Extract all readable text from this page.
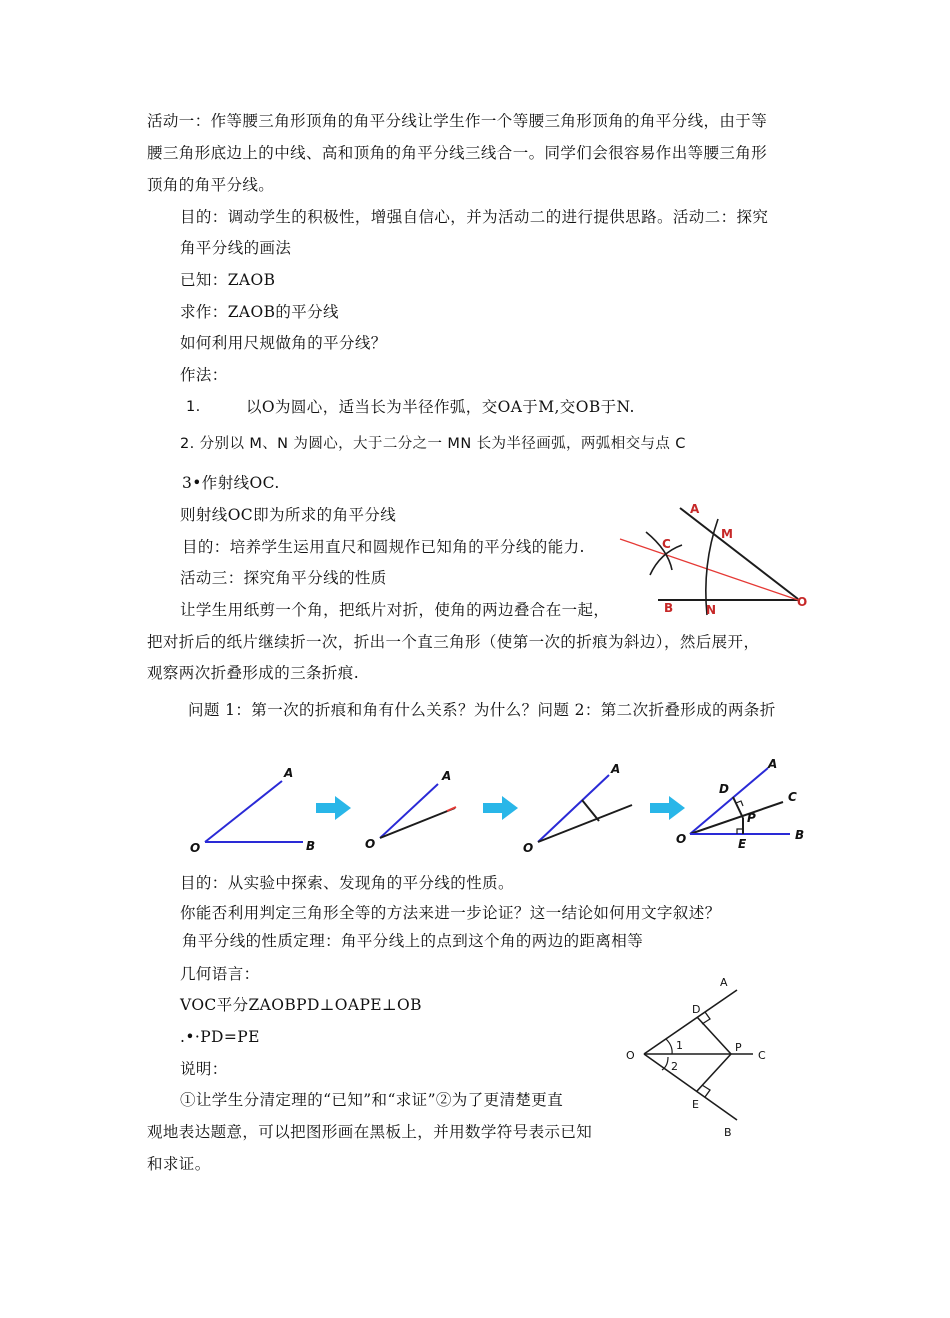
活动一：作等腰三角形顶角的角平分线让学生作一个等腰三角形顶角的角平分线，由于等
腰三角形底边上的中线、高和顶角的角平分线三线合一。同学们会很容易作出等腰三角形
顶角的角平分线。
目的：调动学生的积极性，增强自信心，并为活动二的进行提供思路。活动二：探究
角平分线的画法
已知：ZAOB
求作：ZAOB的平分线
如何利用尺规做角的平分线？
作法：
1.	以O为圆心，适当长为半径作弧，交OA于M,交OB于N.
2. 分别以 M、N 为圆心，大于二分之一 MN 长为半径画弧，两弧相交与点 C
3•作射线OC.
则射线OC即为所求的角平分线
目的：培养学生运用直尺和圆规作已知角的平分线的能力.
活动三：探究角平分线的性质
让学生用纸剪一个角，把纸片对折，使角的两边叠合在一起，
把对折后的纸片继续折一次，折出一个直三角形（使第一次的折痕为斜边），然后展开，
观察两次折叠形成的三条折痕.
问题 1：第一次的折痕和角有什么关系？为什么？问题 2：第二次折叠形成的两条折
目的：从实验中探索、发现角的平分线的性质。
你能否利用判定三角形全等的方法来进一步论证？这一结论如何用文字叙述？
角平分线的性质定理：角平分线上的点到这个角的两边的距离相等
几何语言：
VOC平分ZAOBPD⊥OAPE⊥OB
.•·PD=PE
说明：
①让学生分清定理的“已知”和“求证”②为了更清楚更直
观地表达题意，可以把图形画在黑板上，并用数学符号表示已知
和求证。
A
M
C
B	N
O
A
O	B
A
O
A
O
A
D
C
P
O	E
B
A
D
O
1
2
P
C
E
B
